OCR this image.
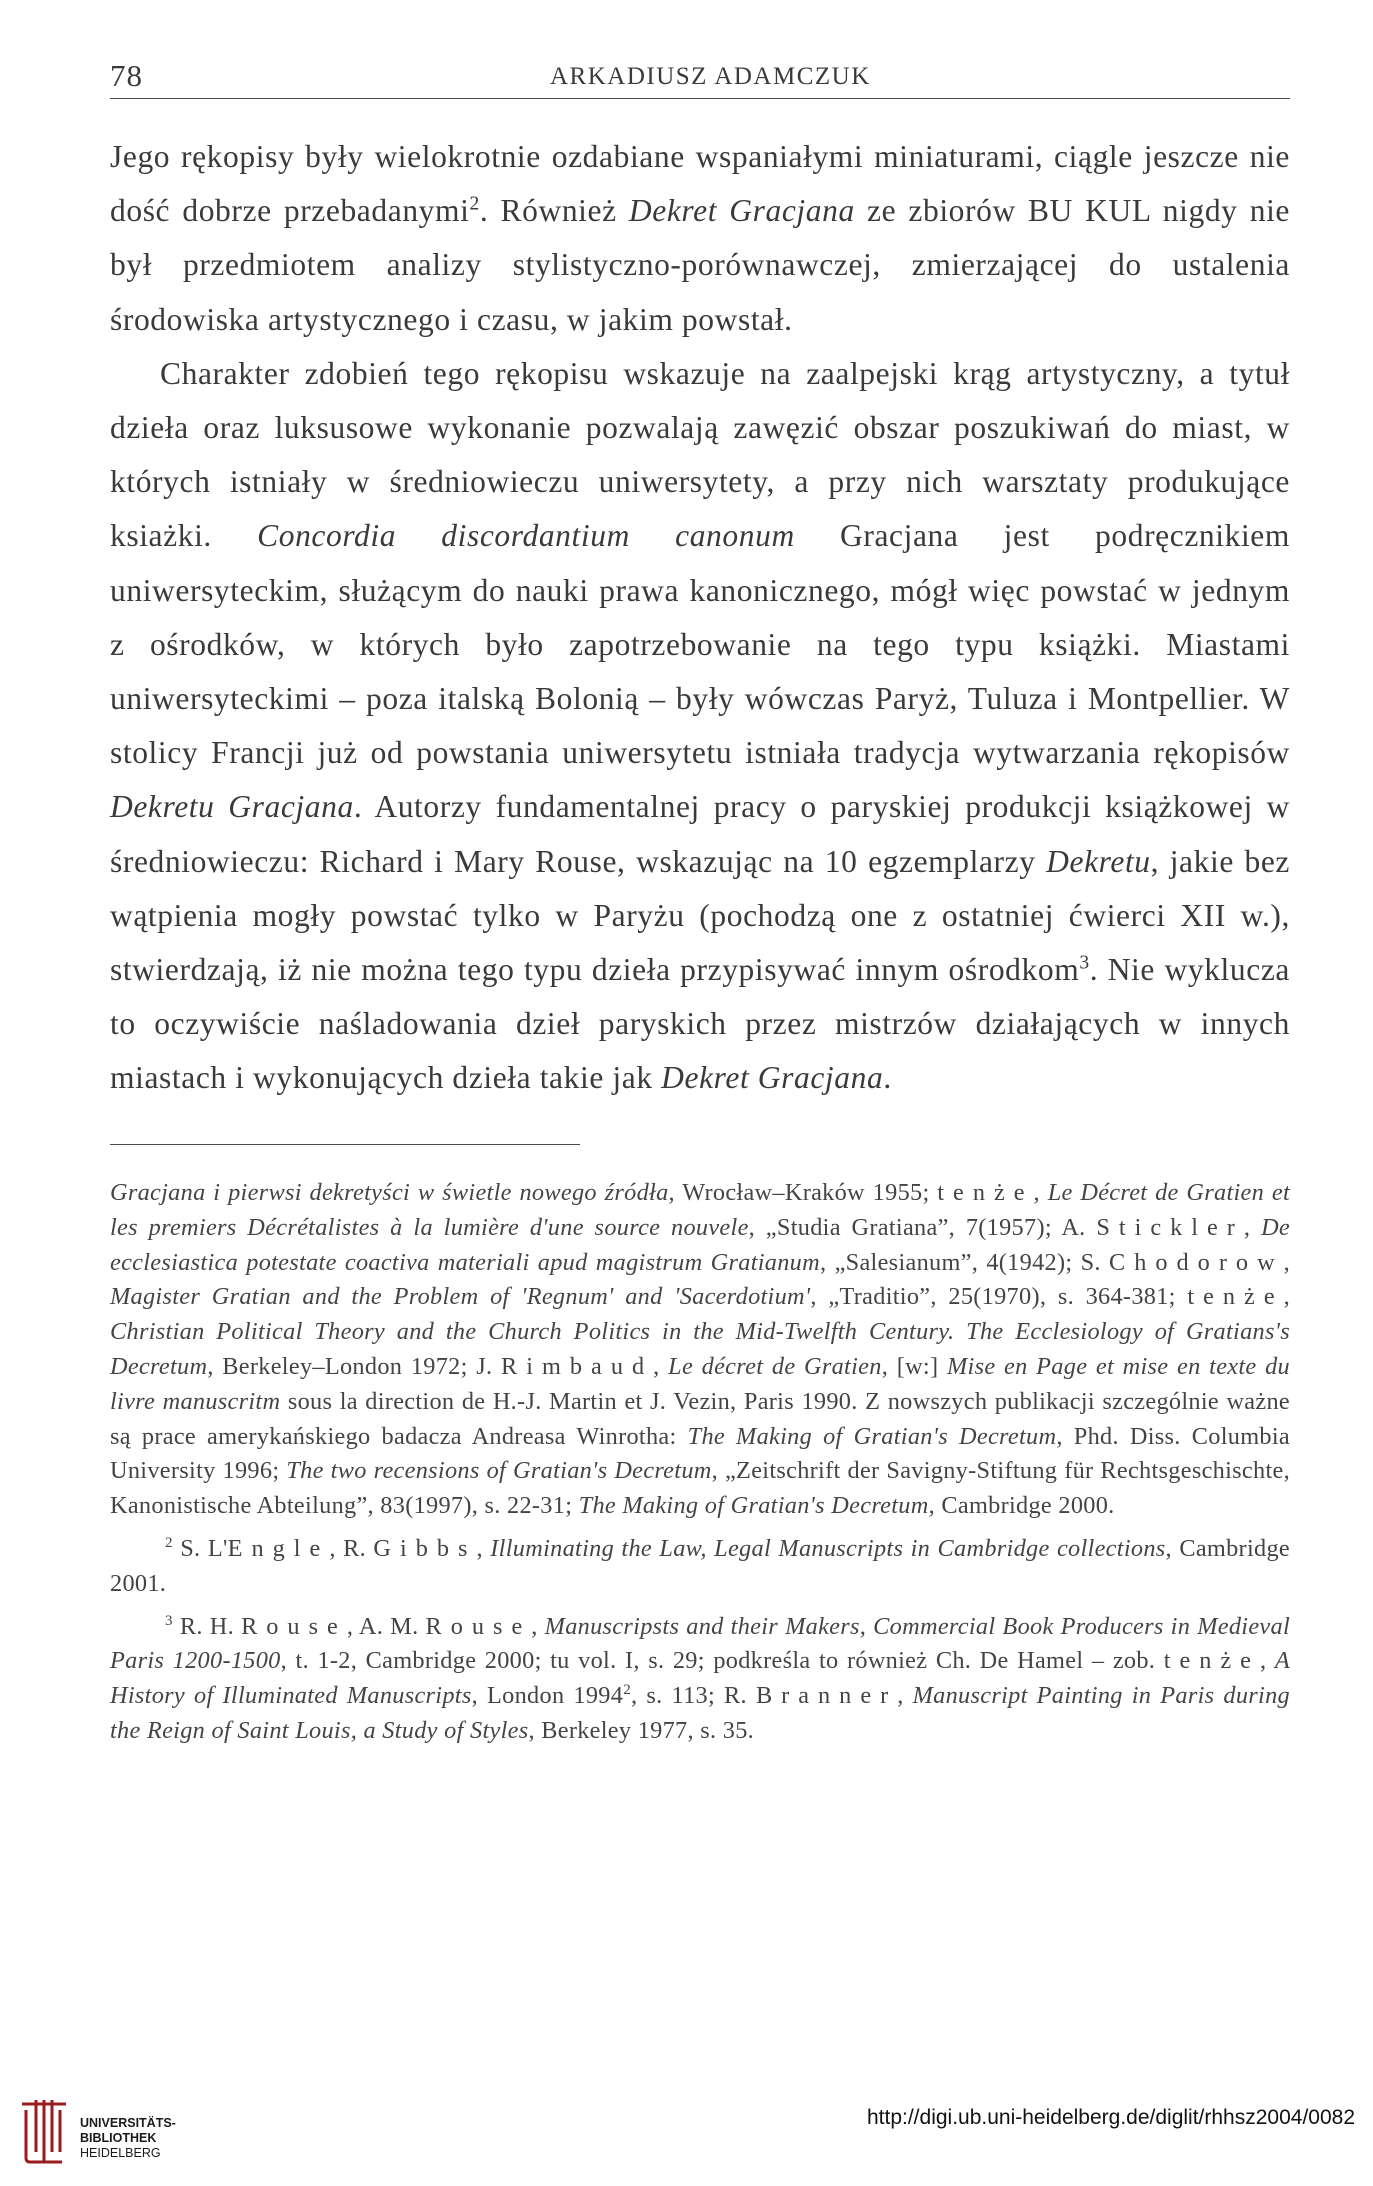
78	ARKADIUSZ ADAMCZUK

Jego rękopisy były wielokrotnie ozdabiane wspaniałymi miniaturami, ciągle jeszcze nie dość dobrze przebadanymi$^2$. Również Dekret Gracjana ze zbiorów BU KUL nigdy nie był przedmiotem analizy stylistyczno-porównawczej, zmierzającej do ustalenia środowiska artystycznego i czasu, w jakim powstał.

Charakter zdobień tego rękopisu wskazuje na zaalpejski krąg artystyczny, a tytuł dzieła oraz luksusowe wykonanie pozwalają zawęzić obszar poszukiwań do miast, w których istniały w średniowieczu uniwersytety, a przy nich warsztaty produkujące ksiażki. Concordia discordantium canonum Gracjana jest podręcznikiem uniwersyteckim, służącym do nauki prawa kanonicznego, mógł więc powstać w jednym z ośrodków, w których było zapotrzebowanie na tego typu książki. Miastami uniwersyteckimi – poza italską Bolonią – były wówczas Paryż, Tuluza i Montpellier. W stolicy Francji już od powstania uniwersytetu istniała tradycja wytwarzania rękopisów Dekretu Gracjana. Autorzy fundamentalnej pracy o paryskiej produkcji książkowej w średniowieczu: Richard i Mary Rouse, wskazując na 10 egzemplarzy Dekretu, jakie bez wątpienia mogły powstać tylko w Paryżu (pochodzą one z ostatniej ćwierci XII w.), stwierdzają, iż nie można tego typu dzieła przypisywać innym ośrodkom$^3$. Nie wyklucza to oczywiście naśladowania dzieł paryskich przez mistrzów działających w innych miastach i wykonujących dzieła takie jak Dekret Gracjana.

Gracjana i pierwsi dekretyści w świetle nowego źródła, Wrocław–Kraków 1955; tenże, Le Décret de Gratien et les premiers Décrétalistes à la lumière d'une source nouvele, „Studia Gratiana”, 7(1957); A. Stickler, De ecclesiastica potestate coactiva materiali apud magistrum Gratianum, „Salesianum”, 4(1942); S. Chodorow, Magister Gratian and the Problem of 'Regnum' and 'Sacerdotium', „Traditio”, 25(1970), s. 364-381; tenże, Christian Political Theory and the Church Politics in the Mid-Twelfth Century. The Ecclesiology of Gratians's Decretum, Berkeley–London 1972; J. Rimbaud, Le décret de Gratien, [w:] Mise en Page et mise en texte du livre manuscritm sous la direction de H.-J. Martin et J. Vezin, Paris 1990. Z nowszych publikacji szczególnie ważne są prace amerykańskiego badacza Andreasa Winrotha: The Making of Gratian's Decretum, Phd. Diss. Columbia University 1996; The two recensions of Gratian's Decretum, „Zeitschrift der Savigny-Stiftung für Rechtsgeschischte, Kanonistische Abteilung”, 83(1997), s. 22-31; The Making of Gratian's Decretum, Cambridge 2000.

$^2$ S. L'Engle, R. Gibbs, Illuminating the Law, Legal Manuscripts in Cambridge collections, Cambridge 2001.

$^3$ R. H. Rouse, A. M. Rouse, Manuscripsts and their Makers, Commercial Book Producers in Medieval Paris 1200-1500, t. 1-2, Cambridge 2000; tu vol. I, s. 29; podkreśla to również Ch. De Hamel – zob. tenże, A History of Illuminated Manuscripts, London 1994$^2$, s. 113; R. Branner, Manuscript Painting in Paris during the Reign of Saint Louis, a Study of Styles, Berkeley 1977, s. 35.

UNIVERSITÄTS-
BIBLIOTHEK
HEIDELBERG
http://digi.ub.uni-heidelberg.de/diglit/rhhsz2004/0082
